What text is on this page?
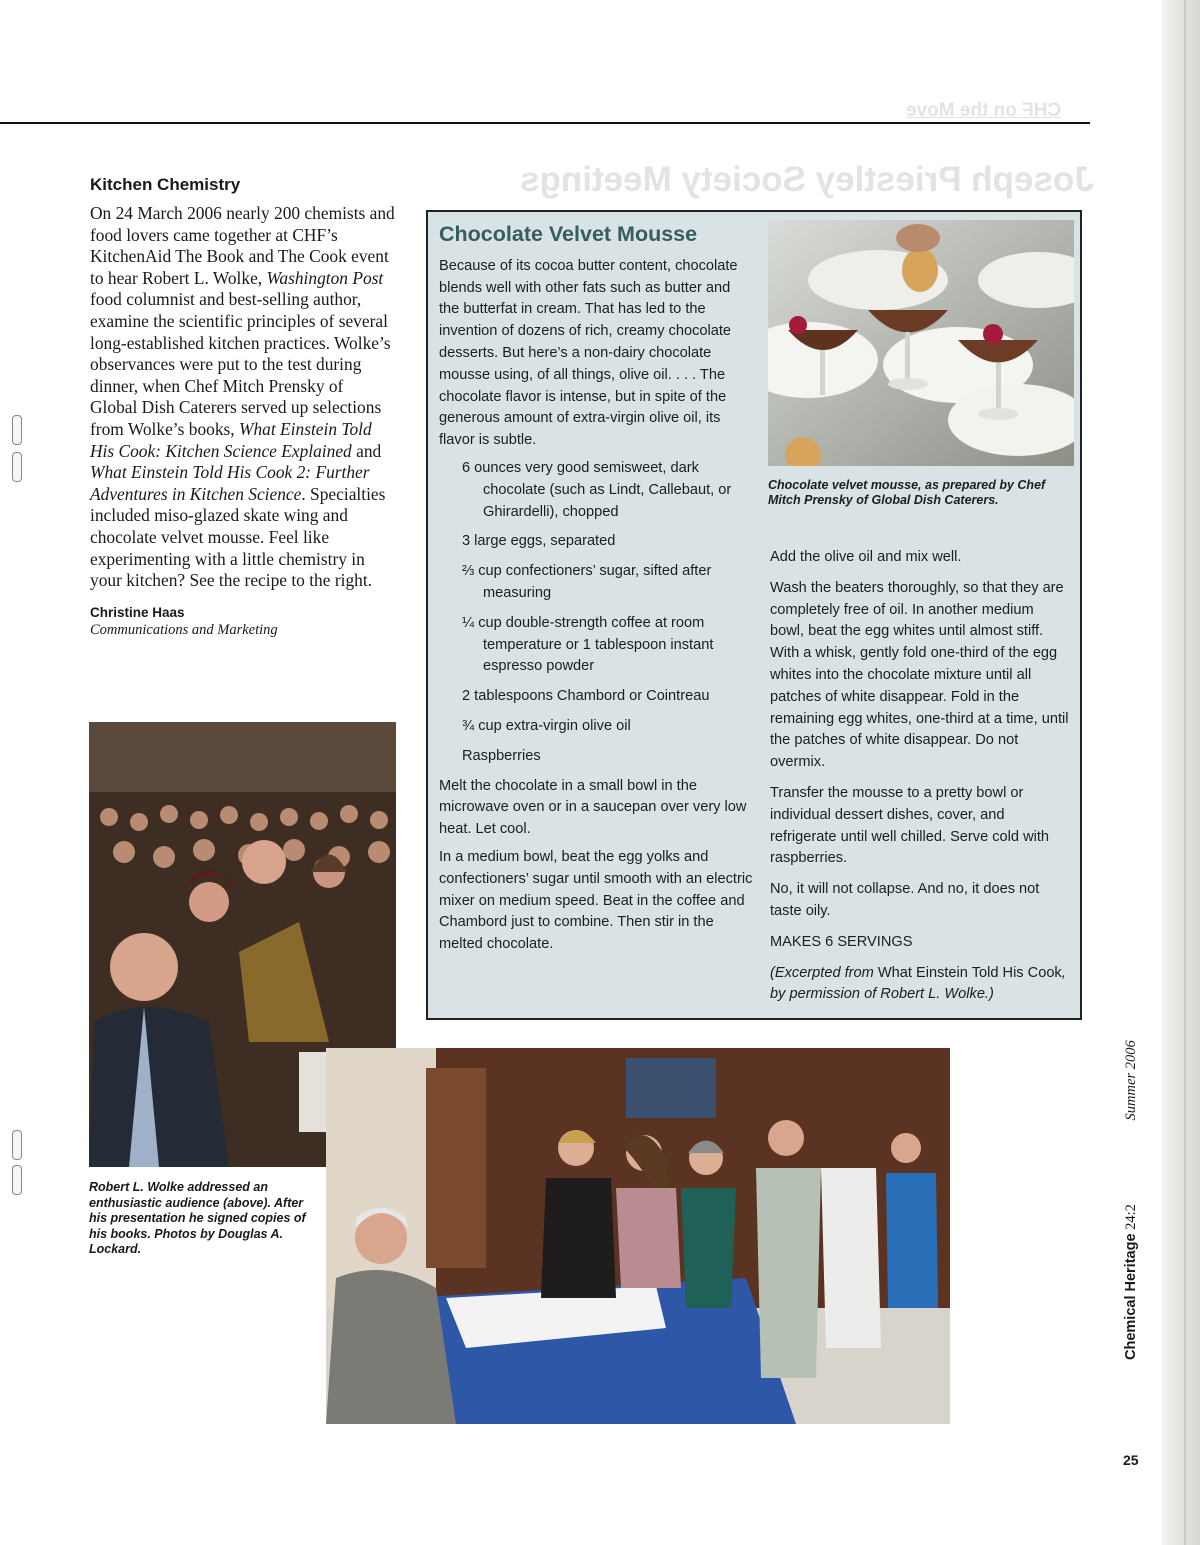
CHF on the Move
Joseph Priestley Society Meetings
Kitchen Chemistry

On 24 March 2006 nearly 200 chemists and food lovers came together at CHF’s KitchenAid The Book and The Cook event to hear Robert L. Wolke, Washington Post food columnist and best-selling author, examine the scientific principles of several long-established kitchen practices. Wolke’s observances were put to the test during dinner, when Chef Mitch Prensky of Global Dish Caterers served up selections from Wolke’s books, What Einstein Told His Cook: Kitchen Science Explained and What Einstein Told His Cook 2: Further Adventures in Kitchen Science. Specialties included miso-glazed skate wing and chocolate velvet mousse. Feel like experimenting with a little chemistry in your kitchen? See the recipe to the right.

Christine Haas
Communications and Marketing
Chocolate Velvet Mousse

Because of its cocoa butter content, chocolate blends well with other fats such as butter and the butterfat in cream. That has led to the invention of dozens of rich, creamy chocolate desserts. But here’s a non-dairy chocolate mousse using, of all things, olive oil. . . . The chocolate flavor is intense, but in spite of the generous amount of extra-virgin olive oil, its flavor is subtle.

6 ounces very good semisweet, dark chocolate (such as Lindt, Callebaut, or Ghirardelli), chopped

3 large eggs, separated

⅔ cup confectioners’ sugar, sifted after measuring

¼ cup double-strength coffee at room temperature or 1 tablespoon instant espresso powder

2 tablespoons Chambord or Cointreau

¾ cup extra-virgin olive oil

Raspberries

Melt the chocolate in a small bowl in the microwave oven or in a saucepan over very low heat. Let cool.

In a medium bowl, beat the egg yolks and confectioners’ sugar until smooth with an electric mixer on medium speed. Beat in the coffee and Chambord just to combine. Then stir in the melted chocolate.

Chocolate velvet mousse, as prepared by Chef Mitch Prensky of Global Dish Caterers.

Add the olive oil and mix well.

Wash the beaters thoroughly, so that they are completely free of oil. In another medium bowl, beat the egg whites until almost stiff. With a whisk, gently fold one-third of the egg whites into the chocolate mixture until all patches of white disappear. Fold in the remaining egg whites, one-third at a time, until the patches of white disappear. Do not overmix.

Transfer the mousse to a pretty bowl or individual dessert dishes, cover, and refrigerate until well chilled. Serve cold with raspberries.

No, it will not collapse. And no, it does not taste oily.

MAKES 6 SERVINGS

(Excerpted from What Einstein Told His Cook, by permission of Robert L. Wolke.)

Robert L. Wolke addressed an enthusiastic audience (above). After his presentation he signed copies of his books. Photos by Douglas A. Lockard.	Chemical Heritage 24:2 Summer 2006
25
